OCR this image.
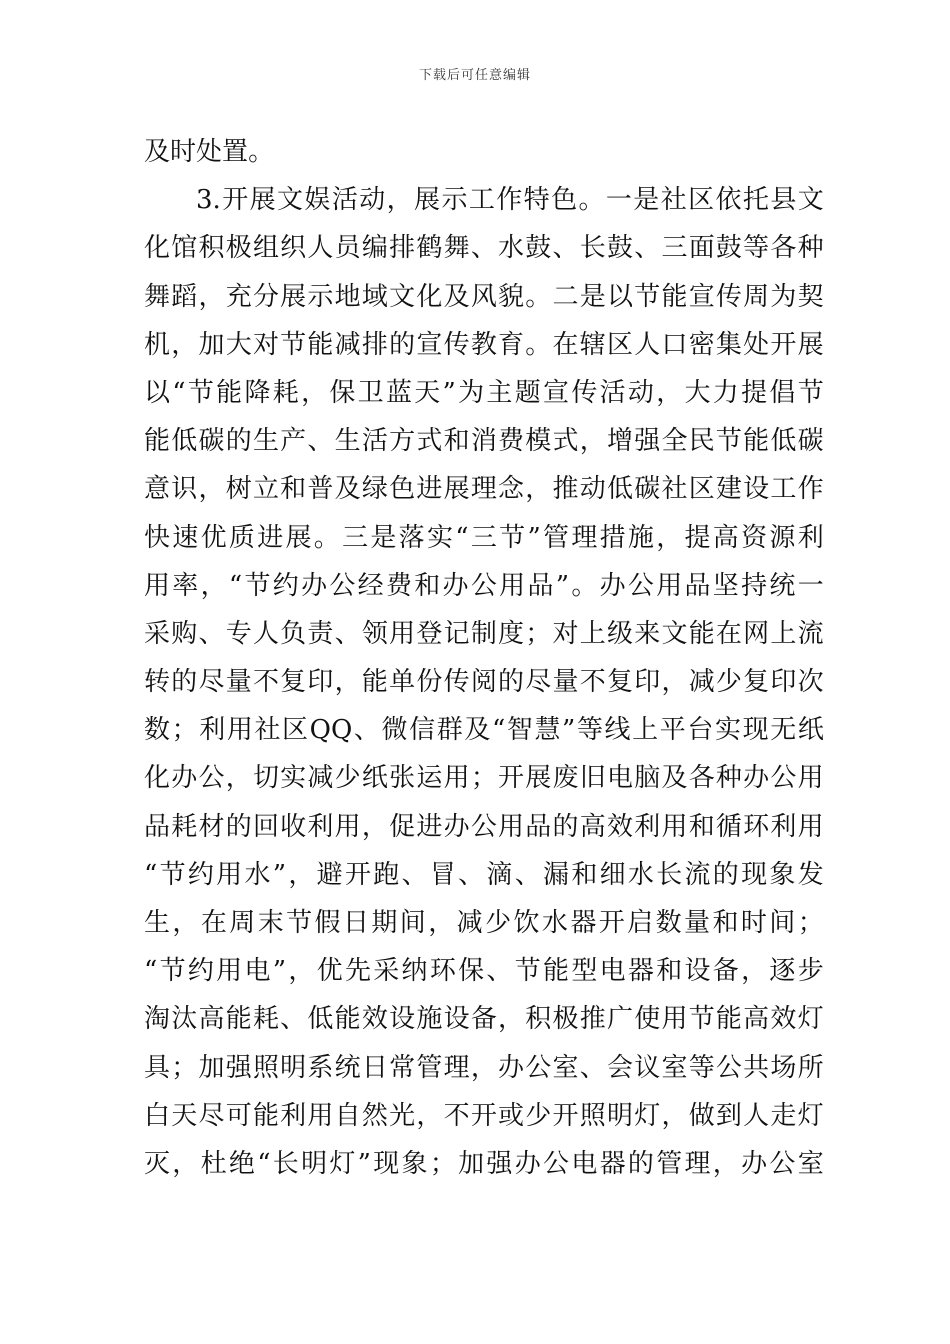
下载后可任意编辑
及 时 处 置 。
3. 开 展 文 娱 活 动 ， 展 示 工 作 特 色 。 一 是 社 区 依 托 县 文
化 馆 积 极 组 织 人 员 编 排 鹤 舞 、 水 鼓 、 长 鼓 、 三 面 鼓 等 各 种
舞 蹈 ， 充 分 展 示 地 域 文 化 及 风 貌 。 二 是 以 节 能 宣 传 周 为 契
机 ， 加 大 对 节 能 减 排 的 宣 传 教 育 。 在 辖 区 人 口 密 集 处 开 展
以 “ 节 能 降 耗 ， 保 卫 蓝 天 ” 为 主 题 宣 传 活 动 ， 大 力 提 倡 节
能 低 碳 的 生 产 、 生 活 方 式 和 消 费 模 式 ， 增 强 全 民 节 能 低 碳
意 识 ， 树 立 和 普 及 绿 色 进 展 理 念 ， 推 动 低 碳 社 区 建 设 工 作
快 速 优 质 进 展 。 三 是 落 实 “ 三 节 ” 管 理 措 施 ， 提 高 资 源 利
用 率 ， “ 节 约 办 公 经 费 和 办 公 用 品 ” 。 办 公 用 品 坚 持 统 一
采 购 、 专 人 负 责 、 领 用 登 记 制 度 ； 对 上 级 来 文 能 在 网 上 流
转 的 尽 量 不 复 印 ， 能 单 份 传 阅 的 尽 量 不 复 印 ， 减 少 复 印 次
数 ； 利 用 社 区 QQ 、 微 信 群 及 “ 智 慧 ” 等 线 上 平 台 实 现 无 纸
化 办 公 ， 切 实 减 少 纸 张 运 用 ； 开 展 废 旧 电 脑 及 各 种 办 公 用
品 耗 材 的 回 收 利 用 ， 促 进 办 公 用 品 的 高 效 利 用 和 循 环 利 用
“ 节 约 用 水 ” ， 避 开 跑 、 冒 、 滴 、 漏 和 细 水 长 流 的 现 象 发
生 ， 在 周 末 节 假 日 期 间 ， 减 少 饮 水 器 开 启 数 量 和 时 间 ；
“ 节 约 用 电 ” ， 优 先 采 纳 环 保 、 节 能 型 电 器 和 设 备 ， 逐 步
淘 汰 高 能 耗 、 低 能 效 设 施 设 备 ， 积 极 推 广 使 用 节 能 高 效 灯
具 ； 加 强 照 明 系 统 日 常 管 理 ， 办 公 室 、 会 议 室 等 公 共 场 所
白 天 尽 可 能 利 用 自 然 光 ， 不 开 或 少 开 照 明 灯 ， 做 到 人 走 灯
灭 ， 杜 绝 “ 长 明 灯 ” 现 象 ； 加 强 办 公 电 器 的 管 理 ， 办 公 室
